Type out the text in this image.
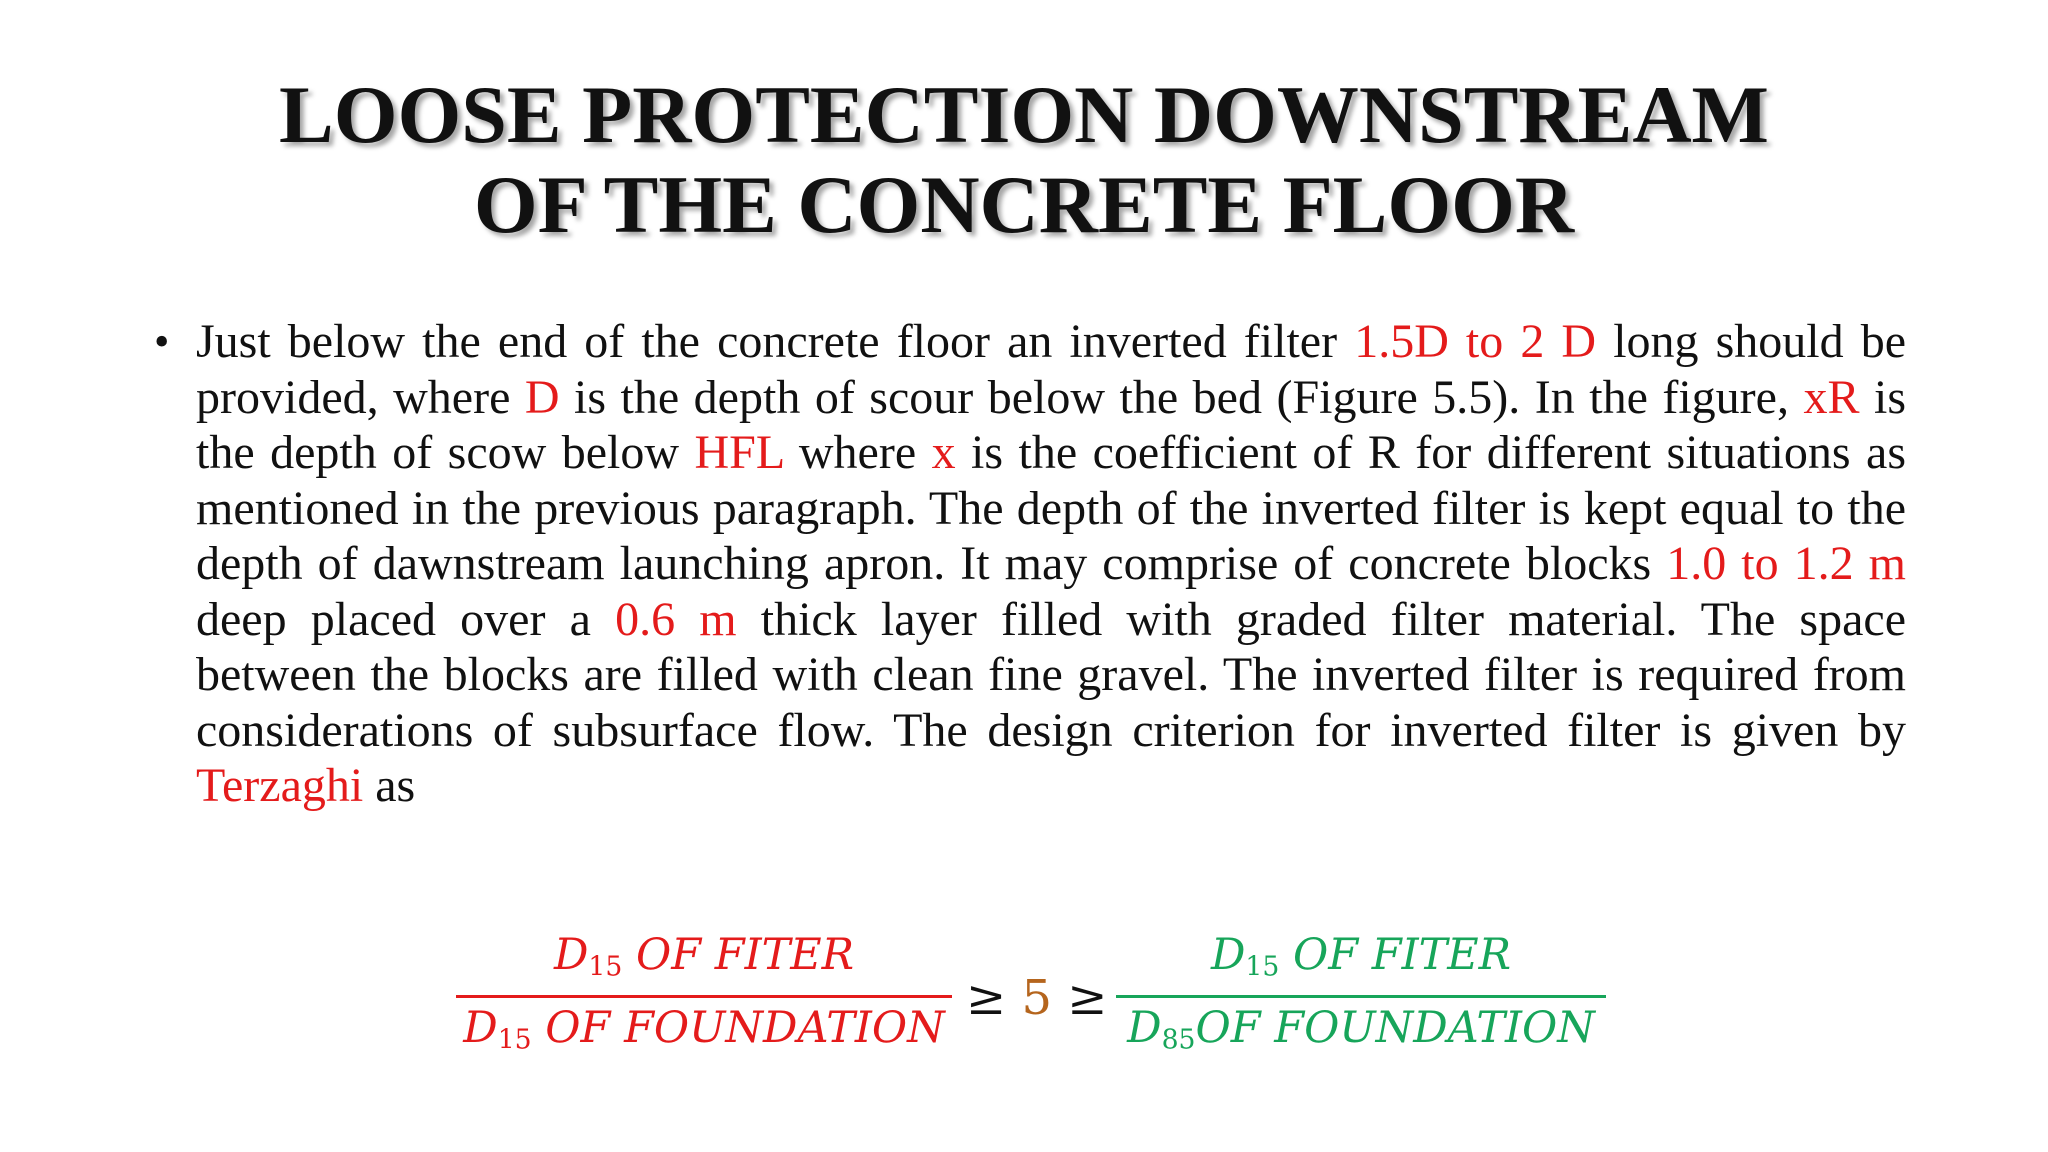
LOOSE PROTECTION DOWNSTREAM
OF THE CONCRETE FLOOR
• Just below the end of the concrete floor an inverted filter 1.5D to 2 D long should be provided, where D is the depth of scour below the bed (Figure 5.5). In the figure, xR is the depth of scow below HFL where x is the coefficient of R for different situations as mentioned in the previous paragraph. The depth of the inverted filter is kept equal to the depth of dawnstream launching apron. It may comprise of concrete blocks 1.0 to 1.2 m deep placed over a 0.6 m thick layer filled with graded filter material. The space between the blocks are filled with clean fine gravel. The inverted filter is required from considerations of subsurface flow. The design criterion for inverted filter is given by Terzaghi as
$D_{15}$ OF FITER
$D_{15}$ OF FOUNDATION
≥ 5 ≥
$D_{15}$ OF FITER
$D_{85}OF$ FOUNDATION
